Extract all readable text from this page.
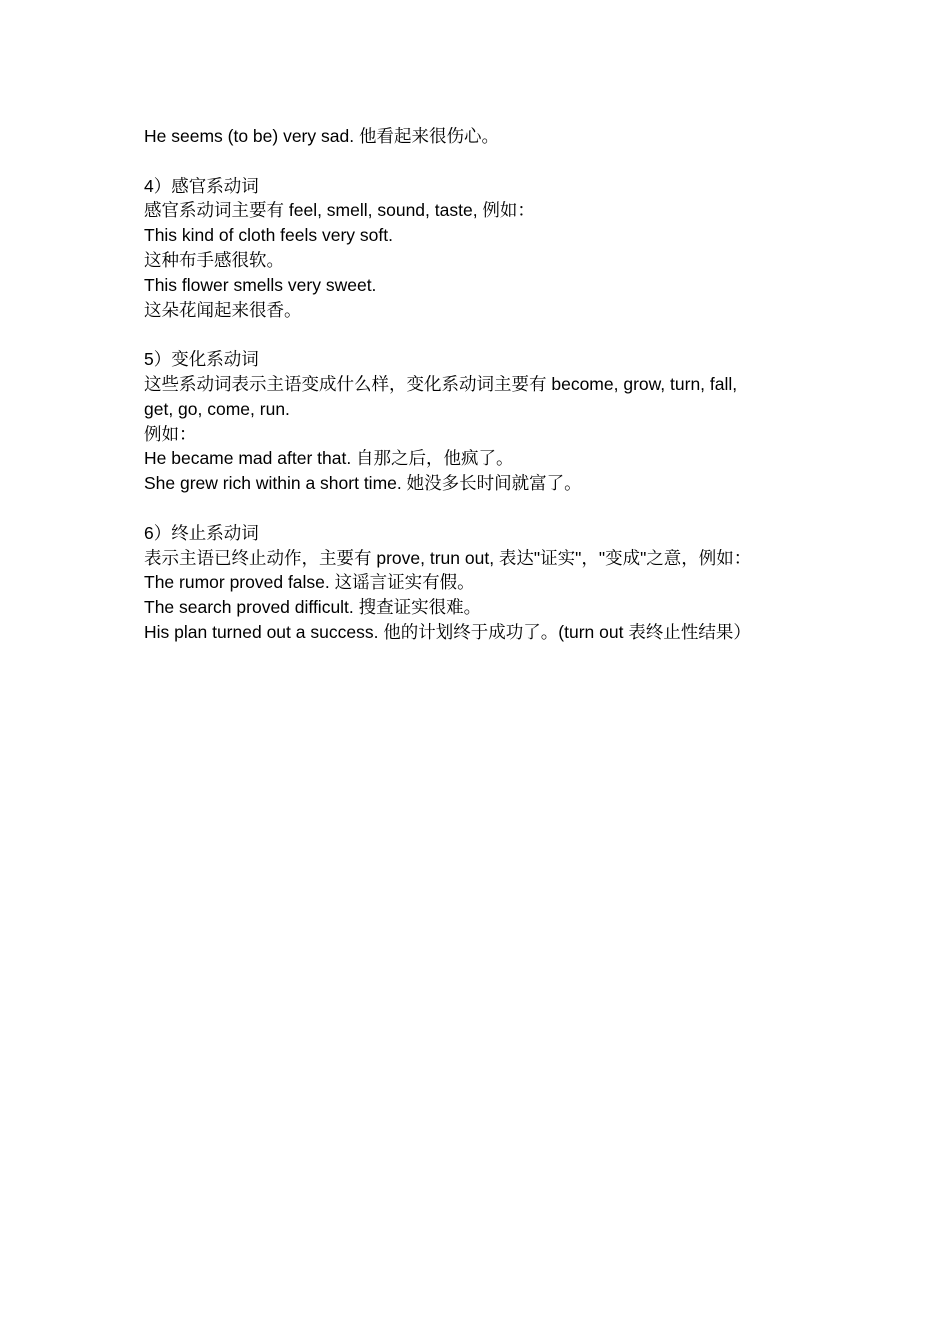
He seems (to be) very sad. 他看起来很伤心。

4）感官系动词

感官系动词主要有 feel, smell, sound, taste, 例如：

This kind of cloth feels very soft.

这种布手感很软。

This flower smells very sweet.

这朵花闻起来很香。

5）变化系动词

这些系动词表示主语变成什么样，变化系动词主要有 become, grow, turn, fall,

get, go, come, run.

例如：

He became mad after that. 自那之后，他疯了。

She grew rich within a short time. 她没多长时间就富了。

6）终止系动词

表示主语已终止动作，主要有 prove, trun out, 表达"证实"，"变成"之意，例如：

The rumor proved false. 这谣言证实有假。

The search proved difficult. 搜查证实很难。

His plan turned out a success. 他的计划终于成功了。(turn out 表终止性结果）
